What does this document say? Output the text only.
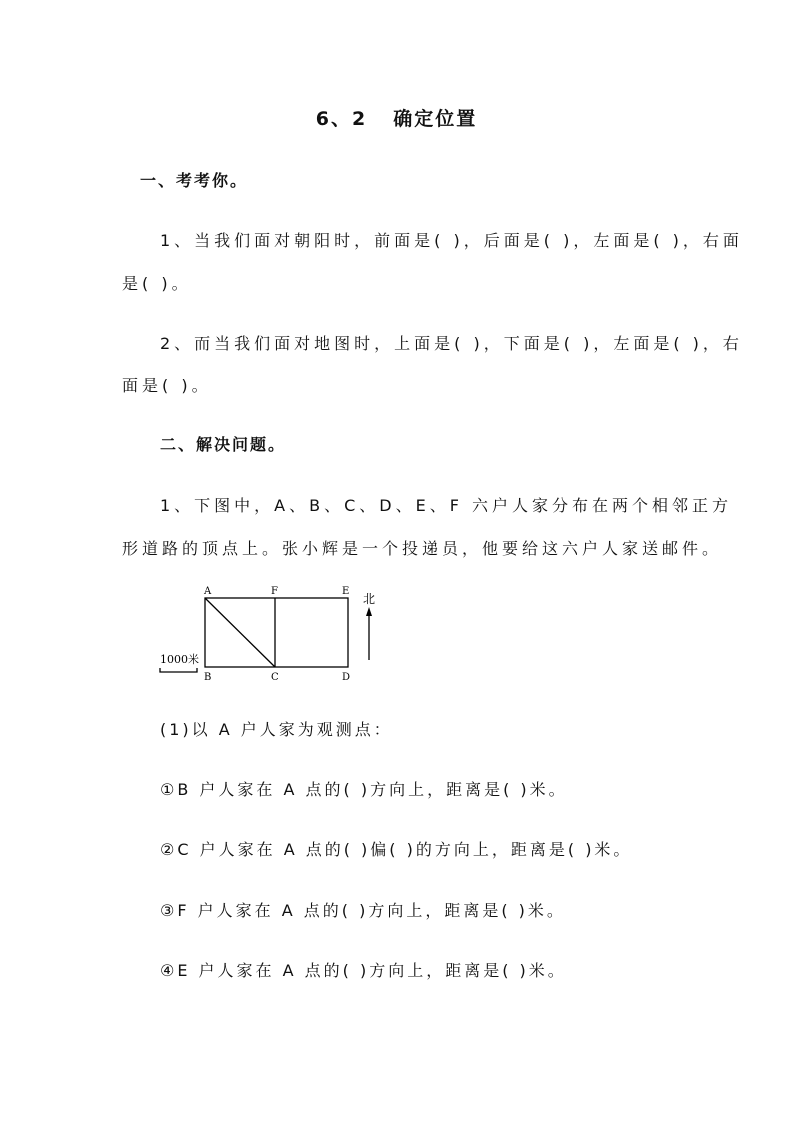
6、2 确定位置
一、考考你。
1、当我们面对朝阳时，前面是( )，后面是( )，左面是( )，右面
是( )。
2、而当我们面对地图时，上面是( )，下面是( )，左面是( )，右
面是( )。
二、解决问题。
1、下图中，A、B、C、D、E、F 六户人家分布在两个相邻正方
形道路的顶点上。张小辉是一个投递员，他要给这六户人家送邮件。
A	F	E
B	C	D
北
1000米
(1)以 A 户人家为观测点：
①B 户人家在 A 点的( )方向上，距离是( )米。
②C 户人家在 A 点的( )偏( )的方向上，距离是( )米。
③F 户人家在 A 点的( )方向上，距离是( )米。
④E 户人家在 A 点的( )方向上，距离是( )米。
